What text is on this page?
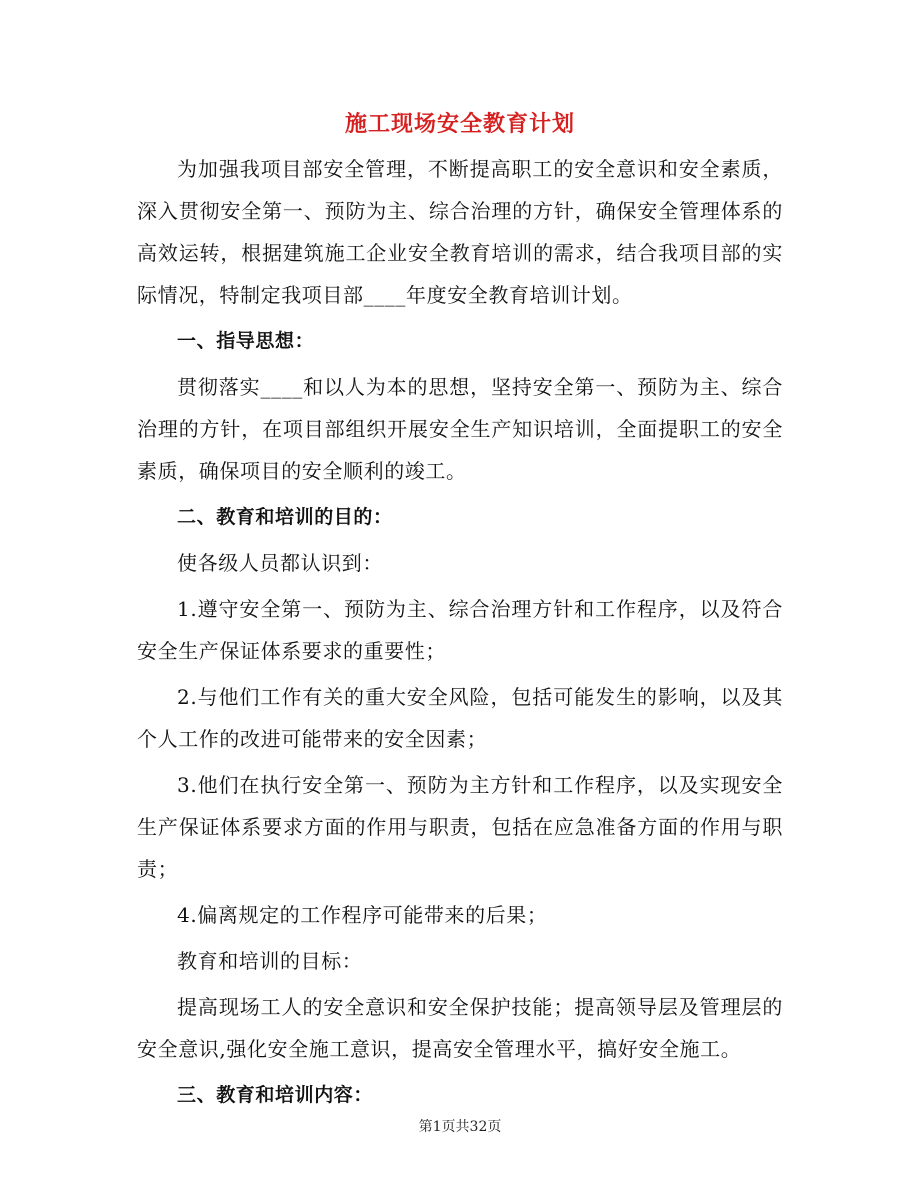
施工现场安全教育计划

为加强我项目部安全管理，不断提高职工的安全意识和安全素质，深入贯彻安全第一、预防为主、综合治理的方针，确保安全管理体系的高效运转，根据建筑施工企业安全教育培训的需求，结合我项目部的实际情况，特制定我项目部____年度安全教育培训计划。

一、指导思想：

贯彻落实____和以人为本的思想，坚持安全第一、预防为主、综合治理的方针，在项目部组织开展安全生产知识培训，全面提职工的安全素质，确保项目的安全顺利的竣工。

二、教育和培训的目的：

使各级人员都认识到：

1.遵守安全第一、预防为主、综合治理方针和工作程序，以及符合安全生产保证体系要求的重要性；

2.与他们工作有关的重大安全风险，包括可能发生的影响，以及其个人工作的改进可能带来的安全因素；

3.他们在执行安全第一、预防为主方针和工作程序，以及实现安全生产保证体系要求方面的作用与职责，包括在应急准备方面的作用与职责；

4.偏离规定的工作程序可能带来的后果；

教育和培训的目标：

提高现场工人的安全意识和安全保护技能；提高领导层及管理层的安全意识,强化安全施工意识，提高安全管理水平，搞好安全施工。

三、教育和培训内容：

第1页共32页
